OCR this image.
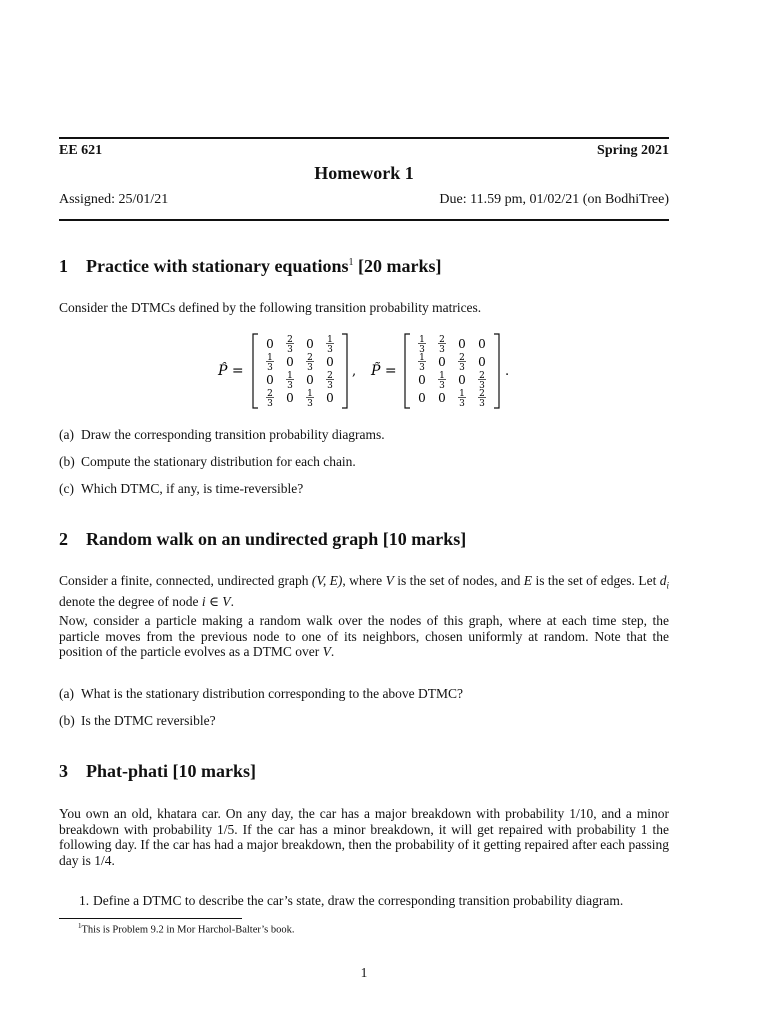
EE 621	Spring 2021
Homework 1
Assigned: 25/01/21	Due: 11.59 pm, 01/02/21 (on BodhiTree)
1 Practice with stationary equations$^1$ [20 marks]
Consider the DTMCs defined by the following transition probability matrices.
P̂ =
0 2
3 0 1
3
1
3 0 2
3 0
0 1
3 0 2
3
2
3 0 1
3 0
, P̃ =
1
3
2
3 0 0
1
3 0 2
3 0
0 1
3 0 2
3
0 0 1
3
2
3
.
(a) Draw the corresponding transition probability diagrams.
(b) Compute the stationary distribution for each chain.
(c) Which DTMC, if any, is time-reversible?
2 Random walk on an undirected graph [10 marks]
Consider a finite, connected, undirected graph (V, E), where V is the set of nodes, and E is the set of edges. Let $d_i$ denote the degree of node i ∈ V.
Now, consider a particle making a random walk over the nodes of this graph, where at each time step, the particle moves from the previous node to one of its neighbors, chosen uniformly at random. Note that the position of the particle evolves as a DTMC over V.
(a) What is the stationary distribution corresponding to the above DTMC?
(b) Is the DTMC reversible?
3 Phat-phati [10 marks]
You own an old, khatara car. On any day, the car has a major breakdown with probability 1/10, and a minor breakdown with probability 1/5. If the car has a minor breakdown, it will get repaired with probability 1 the following day. If the car has had a major breakdown, then the probability of it getting repaired after each passing day is 1/4.
1. Define a DTMC to describe the car’s state, draw the corresponding transition probability diagram.
$^1$This is Problem 9.2 in Mor Harchol-Balter’s book.
1
